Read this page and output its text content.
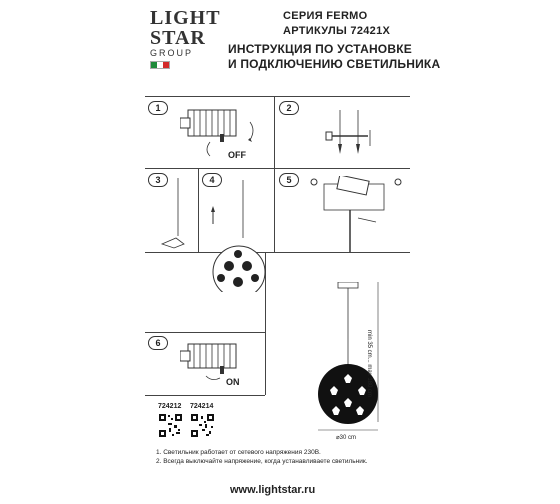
LIGHT
STAR
GROUP
СЕРИЯ FERMO
АРТИКУЛЫ 72421X
ИНСТРУКЦИЯ ПО УСТАНОВКЕ
И ПОДКЛЮЧЕНИЮ СВЕТИЛЬНИКА
1	2
3	4	5
6
OFF
ON	min 35 cm... max 180 cm
⌀30 cm
724212 724214
1. Светильник работает от сетевого напряжения 230В.
2. Всегда выключайте напряжение, когда устанавливаете светильник.
www.lightstar.ru
